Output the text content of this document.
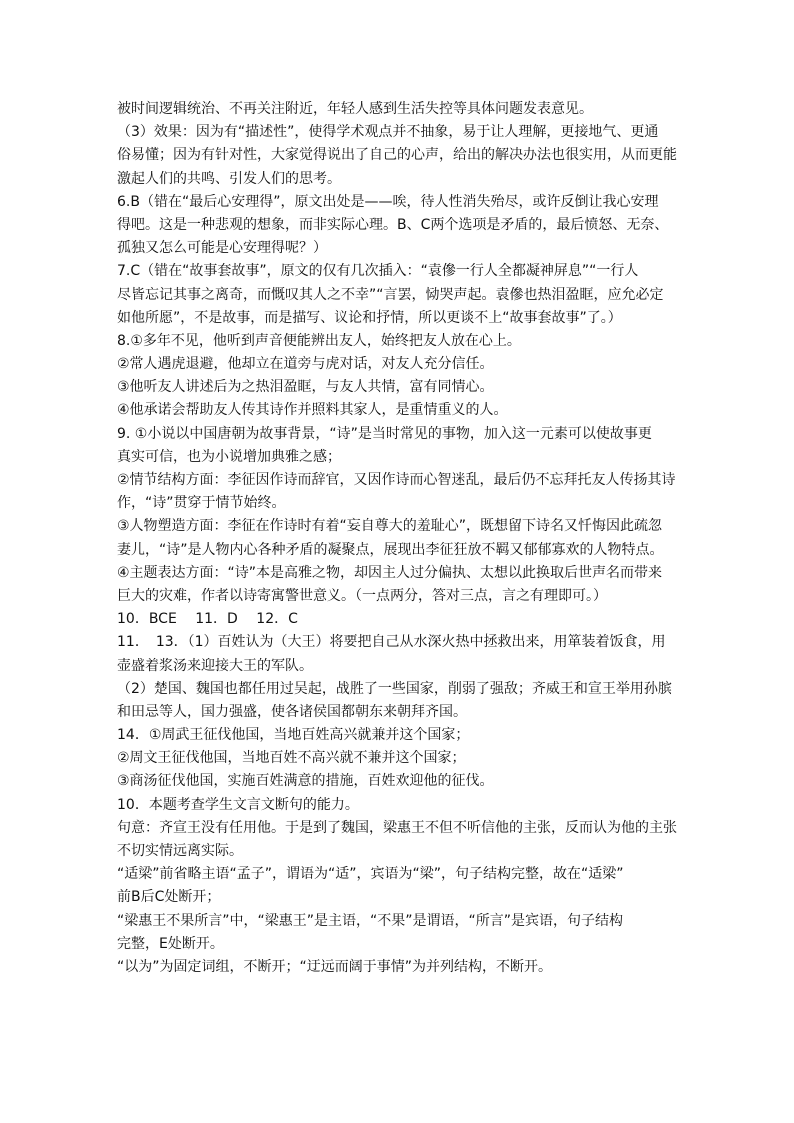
被时间逻辑统治、不再关注附近，年轻人感到生活失控等具体问题发表意见。
（3）效果：因为有“描述性”，使得学术观点并不抽象，易于让人理解，更接地气、更通
俗易懂；因为有针对性，大家觉得说出了自己的心声，给出的解决办法也很实用，从而更能
激起人们的共鸣、引发人们的思考。
6.B（错在“最后心安理得”，原文出处是——唉，待人性消失殆尽，或许反倒让我心安理
得吧。这是一种悲观的想象，而非实际心理。B、C两个选项是矛盾的，最后愤怒、无奈、
孤独又怎么可能是心安理得呢？）
7.C（错在“故事套故事”，原文的仅有几次插入：“袁傪一行人全都凝神屏息”“一行人
尽皆忘记其事之离奇，而慨叹其人之不幸”“言罢，恸哭声起。袁傪也热泪盈眶，应允必定
如他所愿”，不是故事，而是描写、议论和抒情，所以更谈不上“故事套故事”了。）
8.①多年不见，他听到声音便能辨出友人，始终把友人放在心上。
②常人遇虎退避，他却立在道旁与虎对话，对友人充分信任。
③他听友人讲述后为之热泪盈眶，与友人共情，富有同情心。
④他承诺会帮助友人传其诗作并照料其家人，是重情重义的人。
9. ①小说以中国唐朝为故事背景，“诗”是当时常见的事物，加入这一元素可以使故事更
真实可信，也为小说增加典雅之感；
②情节结构方面：李征因作诗而辞官，又因作诗而心智迷乱，最后仍不忘拜托友人传扬其诗
作，“诗”贯穿于情节始终。
③人物塑造方面：李征在作诗时有着“妄自尊大的羞耻心”，既想留下诗名又忏悔因此疏忽
妻儿，“诗”是人物内心各种矛盾的凝聚点，展现出李征狂放不羁又郁郁寡欢的人物特点。
④主题表达方面：“诗”本是高雅之物，却因主人过分偏执、太想以此换取后世声名而带来
巨大的灾难，作者以诗寄寓警世意义。（一点两分，答对三点，言之有理即可。）
10．BCE　 11．D　 12．C
11．　13．（1）百姓认为（大王）将要把自己从水深火热中拯救出来，用箪装着饭食，用
壶盛着浆汤来迎接大王的军队。
（2）楚国、魏国也都任用过吴起，战胜了一些国家，削弱了强敌；齐威王和宣王举用孙膑
和田忌等人，国力强盛，使各诸侯国都朝东来朝拜齐国。
14．①周武王征伐他国，当地百姓高兴就兼并这个国家；
②周文王征伐他国，当地百姓不高兴就不兼并这个国家；
③商汤征伐他国，实施百姓满意的措施，百姓欢迎他的征伐。
10．本题考查学生文言文断句的能力。
句意：齐宣王没有任用他。于是到了魏国，梁惠王不但不听信他的主张，反而认为他的主张
不切实情远离实际。
“适梁”前省略主语“孟子”，谓语为“适”，宾语为“梁”，句子结构完整，故在“适梁”
前B后C处断开；
“梁惠王不果所言”中，“梁惠王”是主语，“不果”是谓语，“所言”是宾语，句子结构
完整，E处断开。
“以为”为固定词组，不断开；“迂远而阔于事情”为并列结构，不断开。
